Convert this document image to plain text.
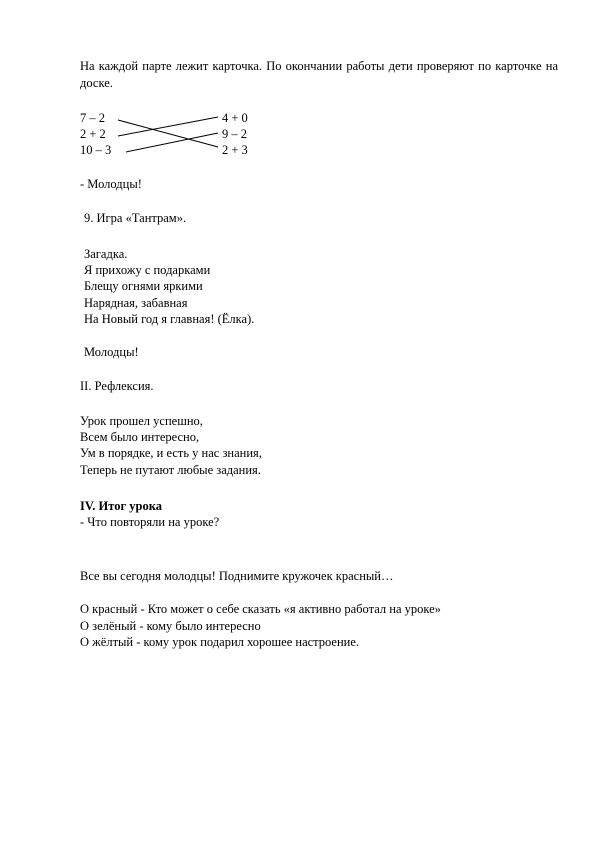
На каждой парте лежит карточка. По окончании работы дети проверяют по карточке на доске.
7 – 2
2 + 2
10 – 3
4 + 0
9 – 2
2 + 3
- Молодцы!
9. Игра «Тантрам».
Загадка.
Я прихожу с подарками
Блещу огнями яркими
Нарядная, забавная
На Новый год я главная! (Ёлка).
Молодцы!
II. Рефлексия.
Урок прошел успешно,
Всем было интересно,
Ум в порядке, и есть у нас знания,
Теперь не путают любые задания.
IV. Итог урока
- Что повторяли на уроке?
Все вы сегодня молодцы! Поднимите кружочек красный…
О красный - Кто может о себе сказать «я активно работал на уроке»
О зелёный - кому было интересно
О жёлтый - кому урок подарил хорошее настроение.
